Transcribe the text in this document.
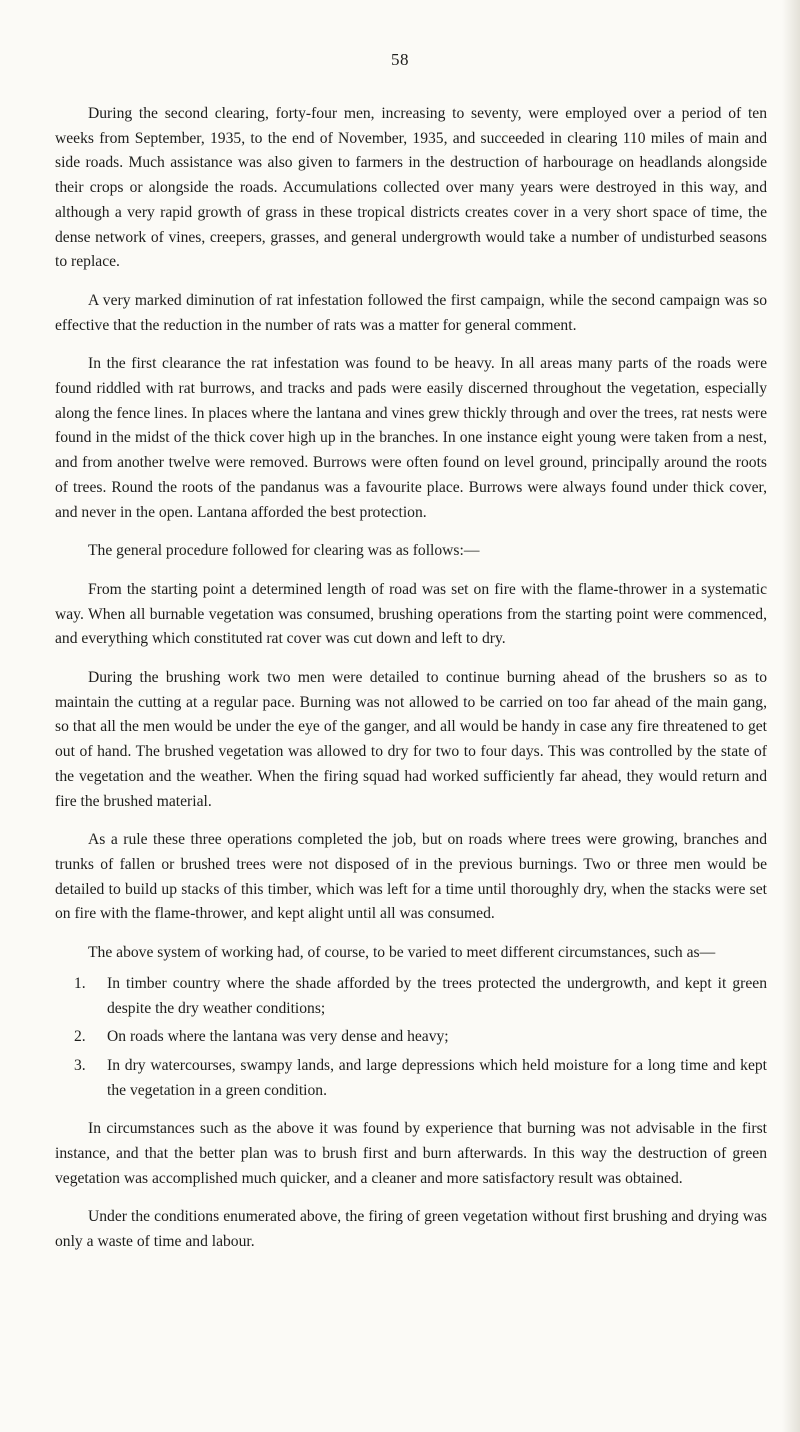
58

During the second clearing, forty-four men, increasing to seventy, were employed over a period of ten weeks from September, 1935, to the end of November, 1935, and succeeded in clearing 110 miles of main and side roads. Much assistance was also given to farmers in the destruction of harbourage on headlands alongside their crops or alongside the roads. Accumulations collected over many years were destroyed in this way, and although a very rapid growth of grass in these tropical districts creates cover in a very short space of time, the dense network of vines, creepers, grasses, and general undergrowth would take a number of undisturbed seasons to replace.

A very marked diminution of rat infestation followed the first campaign, while the second campaign was so effective that the reduction in the number of rats was a matter for general comment.

In the first clearance the rat infestation was found to be heavy. In all areas many parts of the roads were found riddled with rat burrows, and tracks and pads were easily discerned throughout the vegetation, especially along the fence lines. In places where the lantana and vines grew thickly through and over the trees, rat nests were found in the midst of the thick cover high up in the branches. In one instance eight young were taken from a nest, and from another twelve were removed. Burrows were often found on level ground, principally around the roots of trees. Round the roots of the pandanus was a favourite place. Burrows were always found under thick cover, and never in the open. Lantana afforded the best protection.

The general procedure followed for clearing was as follows:—

From the starting point a determined length of road was set on fire with the flame-thrower in a systematic way. When all burnable vegetation was consumed, brushing operations from the starting point were commenced, and everything which constituted rat cover was cut down and left to dry.

During the brushing work two men were detailed to continue burning ahead of the brushers so as to maintain the cutting at a regular pace. Burning was not allowed to be carried on too far ahead of the main gang, so that all the men would be under the eye of the ganger, and all would be handy in case any fire threatened to get out of hand. The brushed vegetation was allowed to dry for two to four days. This was controlled by the state of the vegetation and the weather. When the firing squad had worked sufficiently far ahead, they would return and fire the brushed material.

As a rule these three operations completed the job, but on roads where trees were growing, branches and trunks of fallen or brushed trees were not disposed of in the previous burnings. Two or three men would be detailed to build up stacks of this timber, which was left for a time until thoroughly dry, when the stacks were set on fire with the flame-thrower, and kept alight until all was consumed.

The above system of working had, of course, to be varied to meet different circumstances, such as—

1. In timber country where the shade afforded by the trees protected the undergrowth, and kept it green despite the dry weather conditions;
2. On roads where the lantana was very dense and heavy;
3. In dry watercourses, swampy lands, and large depressions which held moisture for a long time and kept the vegetation in a green condition.

In circumstances such as the above it was found by experience that burning was not advisable in the first instance, and that the better plan was to brush first and burn afterwards. In this way the destruction of green vegetation was accomplished much quicker, and a cleaner and more satisfactory result was obtained.

Under the conditions enumerated above, the firing of green vegetation without first brushing and drying was only a waste of time and labour.
